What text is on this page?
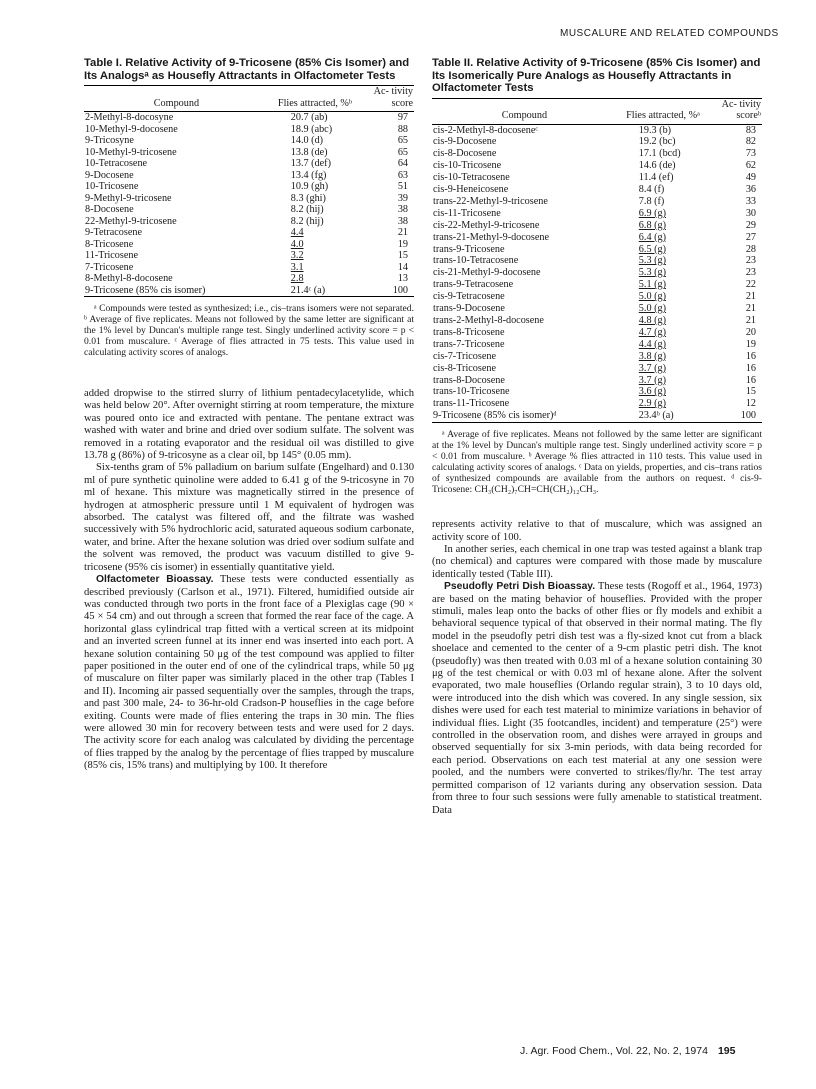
MUSCALURE AND RELATED COMPOUNDS

Table I. Relative Activity of 9-Tricosene (85% Cis Isomer) and Its Analogsᵃ as Housefly Attractants in Olfactometer Tests

Compound	Flies attracted, %ᵇ	Ac- tivity score
2-Methyl-8-docosyne	20.7 (ab)	97
10-Methyl-9-docosene	18.9 (abc)	88
9-Tricosyne	14.0 (d)	65
10-Methyl-9-tricosene	13.8 (de)	65
10-Tetracosene	13.7 (def)	64
9-Docosene	13.4 (fg)	63
10-Tricosene	10.9 (gh)	51
9-Methyl-9-tricosene	8.3 (ghi)	39
8-Docosene	8.2 (hij)	38
22-Methyl-9-tricosene	8.2 (hij)	38
9-Tetracosene	4.4	21
8-Tricosene	4.0	19
11-Tricosene	3.2	15
7-Tricosene	3.1	14
8-Methyl-8-docosene	2.8	13
9-Tricosene (85% cis isomer)	21.4ᶜ (a)	100

ᵃ Compounds were tested as synthesized; i.e., cis–trans isomers were not separated. ᵇ Average of five replicates. Means not followed by the same letter are significant at the 1% level by Duncan's multiple range test. Singly underlined activity score = p < 0.01 from muscalure. ᶜ Average of flies attracted in 75 tests. This value used in calculating activity scores of analogs.

added dropwise to the stirred slurry of lithium pentadecylacetylide, which was held below 20°. After overnight stirring at room temperature, the mixture was poured onto ice and extracted with pentane. The pentane extract was washed with water and brine and dried over sodium sulfate. The solvent was removed in a rotating evaporator and the residual oil was distilled to give 13.78 g (86%) of 9-tricosyne as a clear oil, bp 145° (0.05 mm).

Six-tenths gram of 5% palladium on barium sulfate (Engelhard) and 0.130 ml of pure synthetic quinoline were added to 6.41 g of the 9-tricosyne in 70 ml of hexane. This mixture was magnetically stirred in the presence of hydrogen at atmospheric pressure until 1 M equivalent of hydrogen was absorbed. The catalyst was filtered off, and the filtrate was washed successively with 5% hydrochloric acid, saturated aqueous sodium carbonate, water, and brine. After the hexane solution was dried over sodium sulfate and the solvent was removed, the product was vacuum distilled to give 9-tricosene (95% cis isomer) in essentially quantitative yield.

Olfactometer Bioassay. These tests were conducted essentially as described previously (Carlson et al., 1971). Filtered, humidified outside air was conducted through two ports in the front face of a Plexiglas cage (90 × 45 × 54 cm) and out through a screen that formed the rear face of the cage. A horizontal glass cylindrical trap fitted with a vertical screen at its midpoint and an inverted screen funnel at its inner end was inserted into each port. A hexane solution containing 50 μg of the test compound was applied to filter paper positioned in the outer end of one of the cylindrical traps, while 50 μg of muscalure on filter paper was similarly placed in the other trap (Tables I and II). Incoming air passed sequentially over the samples, through the traps, and past 300 male, 24- to 36-hr-old Cradson-P houseflies in the cage before exiting. Counts were made of flies entering the traps in 30 min. The flies were allowed 30 min for recovery between tests and were used for 2 days. The activity score for each analog was calculated by dividing the percentage of flies trapped by the analog by the percentage of flies trapped by muscalure (85% cis, 15% trans) and multiplying by 100. It therefore

Table II. Relative Activity of 9-Tricosene (85% Cis Isomer) and Its Isomerically Pure Analogs as Housefly Attractants in Olfactometer Tests

Compound	Flies attracted, %ᵃ	Ac- tivity scoreᵇ
cis-2-Methyl-8-docoseneᶜ	19.3 (b)	83
cis-9-Docosene	19.2 (bc)	82
cis-8-Docosene	17.1 (bcd)	73
cis-10-Tricosene	14.6 (de)	62
cis-10-Tetracosene	11.4 (ef)	49
cis-9-Heneicosene	8.4 (f)	36
trans-22-Methyl-9-tricosene	7.8 (f)	33
cis-11-Tricosene	6.9 (g)	30
cis-22-Methyl-9-tricosene	6.8 (g)	29
trans-21-Methyl-9-docosene	6.4 (g)	27
trans-9-Tricosene	6.5 (g)	28
trans-10-Tetracosene	5.3 (g)	23
cis-21-Methyl-9-docosene	5.3 (g)	23
trans-9-Tetracosene	5.1 (g)	22
cis-9-Tetracosene	5.0 (g)	21
trans-9-Docosene	5.0 (g)	21
trans-2-Methyl-8-docosene	4.8 (g)	21
trans-8-Tricosene	4.7 (g)	20
trans-7-Tricosene	4.4 (g)	19
cis-7-Tricosene	3.8 (g)	16
cis-8-Tricosene	3.7 (g)	16
trans-8-Docosene	3.7 (g)	16
trans-10-Tricosene	3.6 (g)	15
trans-11-Tricosene	2.9 (g)	12
9-Tricosene (85% cis isomer)ᵈ	23.4ᵇ (a)	100

ᵃ Average of five replicates. Means not followed by the same letter are significant at the 1% level by Duncan's multiple range test. Singly underlined activity score = p < 0.01 from muscalure. ᵇ Average % flies attracted in 110 tests. This value used in calculating activity scores of analogs. ᶜ Data on yields, properties, and cis–trans ratios of synthesized compounds are available from the authors on request. ᵈ cis-9-Tricosene: CH₃(CH₂)₇CH=CH(CH₂)₁₂CH₃.

represents activity relative to that of muscalure, which was assigned an activity score of 100.

In another series, each chemical in one trap was tested against a blank trap (no chemical) and captures were compared with those made by muscalure identically tested (Table III).

Pseudofly Petri Dish Bioassay. These tests (Rogoff et al., 1964, 1973) are based on the mating behavior of houseflies. Provided with the proper stimuli, males leap onto the backs of other flies or fly models and exhibit a behavioral sequence typical of that observed in their normal mating. The fly model in the pseudofly petri dish test was a fly-sized knot cut from a black shoelace and cemented to the center of a 9-cm plastic petri dish. The knot (pseudofly) was then treated with 0.03 ml of a hexane solution containing 30 μg of the test chemical or with 0.03 ml of hexane alone. After the solvent evaporated, two male houseflies (Orlando regular strain), 3 to 10 days old, were introduced into the dish which was covered. In any single session, six dishes were used for each test material to minimize variations in behavior of individual flies. Light (35 footcandles, incident) and temperature (25°) were controlled in the observation room, and dishes were arrayed in groups and observed sequentially for six 3-min periods, with data being recorded for each period. Observations on each test material at any one session were pooled, and the numbers were converted to strikes/fly/hr. The test array permitted comparison of 12 variants during any observation session. Data from three to four such sessions were fully amenable to statistical treatment. Data

J. Agr. Food Chem., Vol. 22, No. 2, 1974 195
